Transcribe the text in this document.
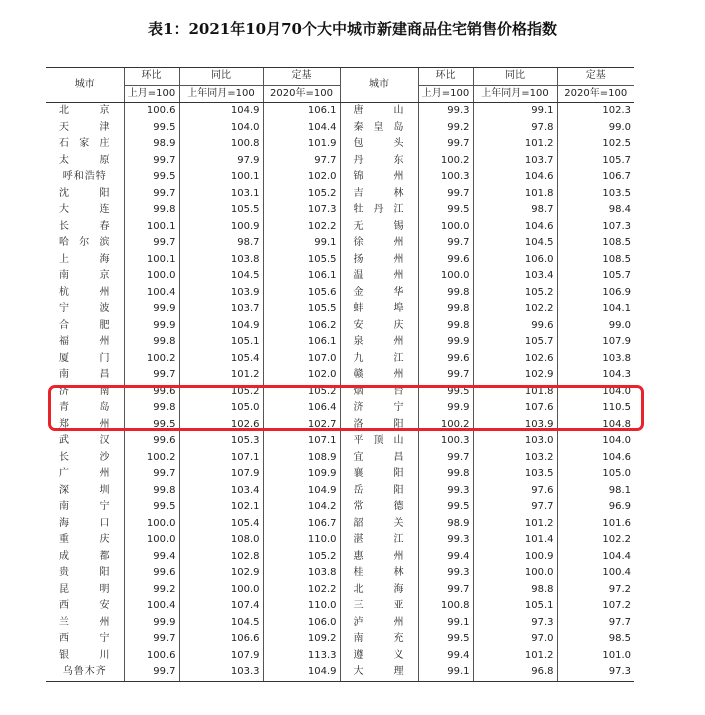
表1：2021年10月70个大中城市新建商品住宅销售价格指数
城市	环比	同比	定基	城市	环比	同比	定基
	上月=100	上年同月=100	2020年=100		上月=100	上年同月=100	2020年=100

北 京	100.6	104.9	106.1	唐 山	99.3	99.1	102.3

天 津	99.5	104.0	104.4	秦 皇 岛	99.2	97.8	99.0

石 家 庄	98.9	100.8	101.9	包 头	99.7	101.2	102.5

太 原	99.7	97.9	97.7	丹 东	100.2	103.7	105.7
呼和浩特	99.5	100.1	102.0	锦 州	100.3	104.6	106.7

沈 阳	99.7	103.1	105.2	吉 林	99.7	101.8	103.5

大 连	99.8	105.5	107.3	牡 丹 江	99.5	98.7	98.4

长 春	100.1	100.9	102.2	无 锡	100.0	104.6	107.3

哈 尔 滨	99.7	98.7	99.1	徐 州	99.7	104.5	108.5

上 海	100.1	103.8	105.5	扬 州	99.6	106.0	108.5

南 京	100.0	104.5	106.1	温 州	100.0	103.4	105.7

杭 州	100.4	103.9	105.6	金 华	99.8	105.2	106.9

宁 波	99.9	103.7	105.5	蚌 埠	99.8	102.2	104.1

合 肥	99.9	104.9	106.2	安 庆	99.8	99.6	99.0

福 州	99.8	105.1	106.1	泉 州	99.9	105.7	107.9

厦 门	100.2	105.4	107.0	九 江	99.6	102.6	103.8

南 昌	99.7	101.2	102.0	赣 州	99.7	102.9	104.3

济 南	99.6	105.2	105.2	烟 台	99.5	101.8	104.0

青 岛	99.8	105.0	106.4	济 宁	99.9	107.6	110.5

郑 州	99.5	102.6	102.7	洛 阳	100.2	103.9	104.8

武 汉	99.6	105.3	107.1	平 顶 山	100.3	103.0	104.0

长 沙	100.2	107.1	108.9	宜 昌	99.7	103.2	104.6

广 州	99.7	107.9	109.9	襄 阳	99.8	103.5	105.0

深 圳	99.8	103.4	104.9	岳 阳	99.3	97.6	98.1

南 宁	99.5	102.1	104.2	常 德	99.5	97.7	96.9

海 口	100.0	105.4	106.7	韶 关	98.9	101.2	101.6

重 庆	100.0	108.0	110.0	湛 江	99.3	101.4	102.2

成 都	99.4	102.8	105.2	惠 州	99.4	100.9	104.4

贵 阳	99.6	102.9	103.8	桂 林	99.3	100.0	100.4

昆 明	99.2	100.0	102.2	北 海	99.7	98.8	97.2

西 安	100.4	107.4	110.0	三 亚	100.8	105.1	107.2

兰 州	99.9	104.5	106.0	泸 州	99.1	97.3	97.7

西 宁	99.7	106.6	109.2	南 充	99.5	97.0	98.5

银 川	100.6	107.9	113.3	遵 义	99.4	101.2	101.0
乌鲁木齐	99.7	103.3	104.9	大 理	99.1	96.8	97.3
